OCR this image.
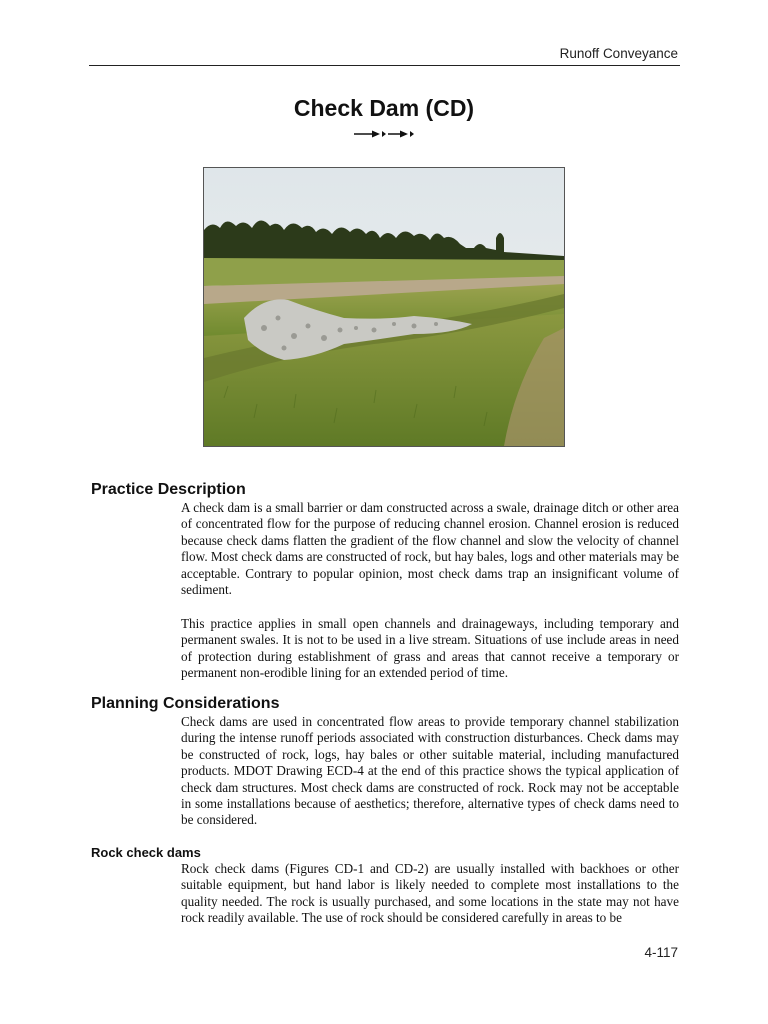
Runoff Conveyance
Check Dam (CD)
Practice Description

A check dam is a small barrier or dam constructed across a swale, drainage ditch or other area of concentrated flow for the purpose of reducing channel erosion. Channel erosion is reduced because check dams flatten the gradient of the flow channel and slow the velocity of channel flow. Most check dams are constructed of rock, but hay bales, logs and other materials may be acceptable. Contrary to popular opinion, most check dams trap an insignificant volume of sediment.

This practice applies in small open channels and drainageways, including temporary and permanent swales. It is not to be used in a live stream. Situations of use include areas in need of protection during establishment of grass and areas that cannot receive a temporary or permanent non-erodible lining for an extended period of time.

Planning Considerations

Check dams are used in concentrated flow areas to provide temporary channel stabilization during the intense runoff periods associated with construction disturbances. Check dams may be constructed of rock, logs, hay bales or other suitable material, including manufactured products. MDOT Drawing ECD-4 at the end of this practice shows the typical application of check dam structures. Most check dams are constructed of rock. Rock may not be acceptable in some installations because of aesthetics; therefore, alternative types of check dams need to be considered.

Rock check dams

Rock check dams (Figures CD-1 and CD-2) are usually installed with backhoes or other suitable equipment, but hand labor is likely needed to complete most installations to the quality needed. The rock is usually purchased, and some locations in the state may not have rock readily available. The use of rock should be considered carefully in areas to be

4-117
